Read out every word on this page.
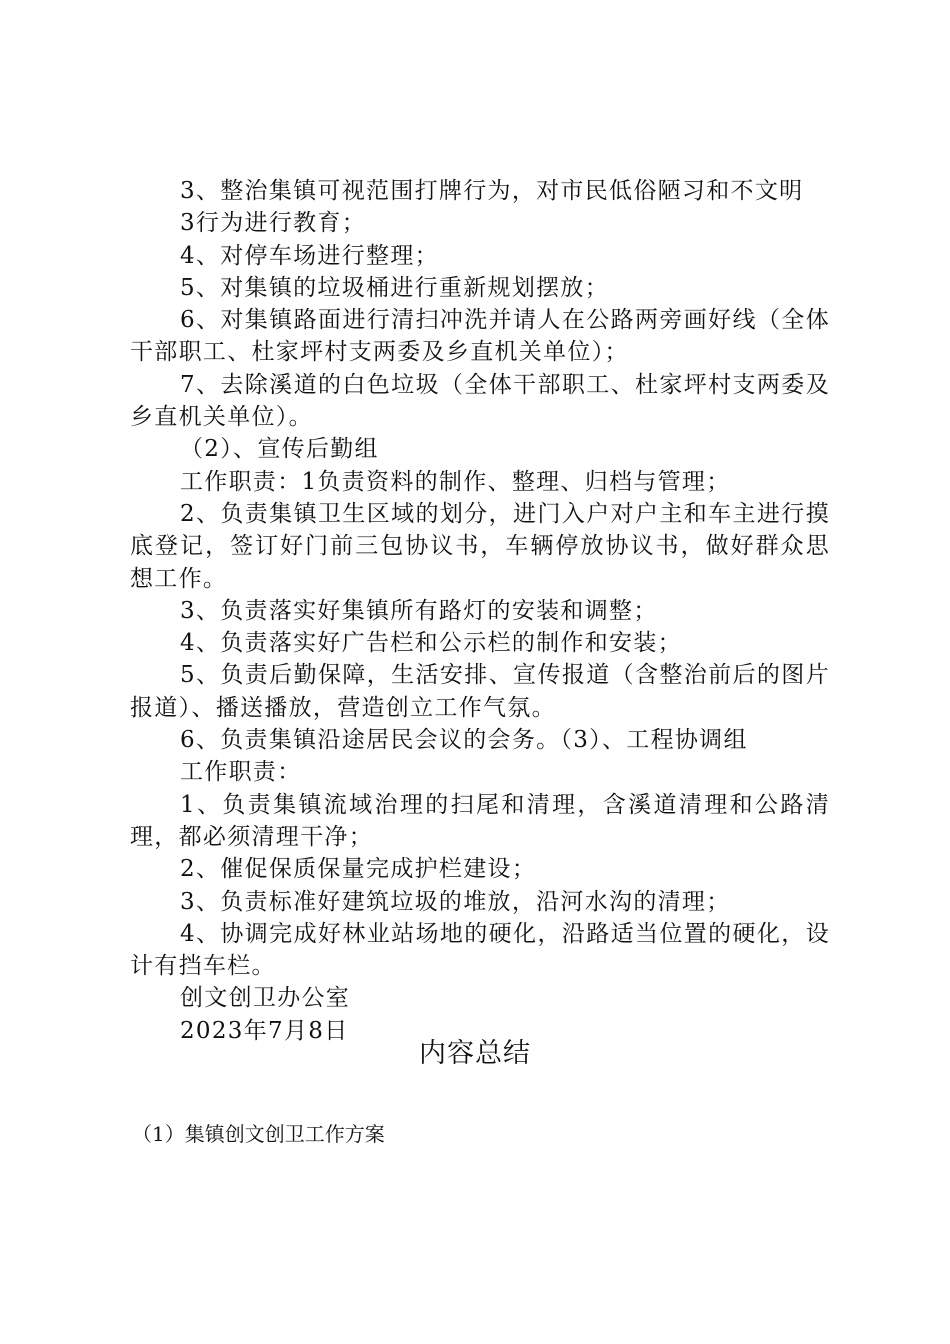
3、整治集镇可视范围打牌行为，对市民低俗陋习和不文明

3行为进行教育；

4、对停车场进行整理；

5、对集镇的垃圾桶进行重新规划摆放；

6、对集镇路面进行清扫冲洗并请人在公路两旁画好线（全体干部职工、杜家坪村支两委及乡直机关单位）；

7、去除溪道的白色垃圾（全体干部职工、杜家坪村支两委及乡直机关单位）。

（2）、宣传后勤组

工作职责：1负责资料的制作、整理、归档与管理；

2、负责集镇卫生区域的划分，进门入户对户主和车主进行摸底登记，签订好门前三包协议书，车辆停放协议书，做好群众思想工作。

3、负责落实好集镇所有路灯的安装和调整；

4、负责落实好广告栏和公示栏的制作和安装；

5、负责后勤保障，生活安排、宣传报道（含整治前后的图片报道）、播送播放，营造创立工作气氛。

6、负责集镇沿途居民会议的会务。（3）、工程协调组

工作职责：

1、负责集镇流域治理的扫尾和清理，含溪道清理和公路清理，都必须清理干净；

2、催促保质保量完成护栏建设；

3、负责标准好建筑垃圾的堆放，沿河水沟的清理；

4、协调完成好林业站场地的硬化，沿路适当位置的硬化，设计有挡车栏。

创文创卫办公室

2023年7月8日

内容总结

（1）集镇创文创卫工作方案
